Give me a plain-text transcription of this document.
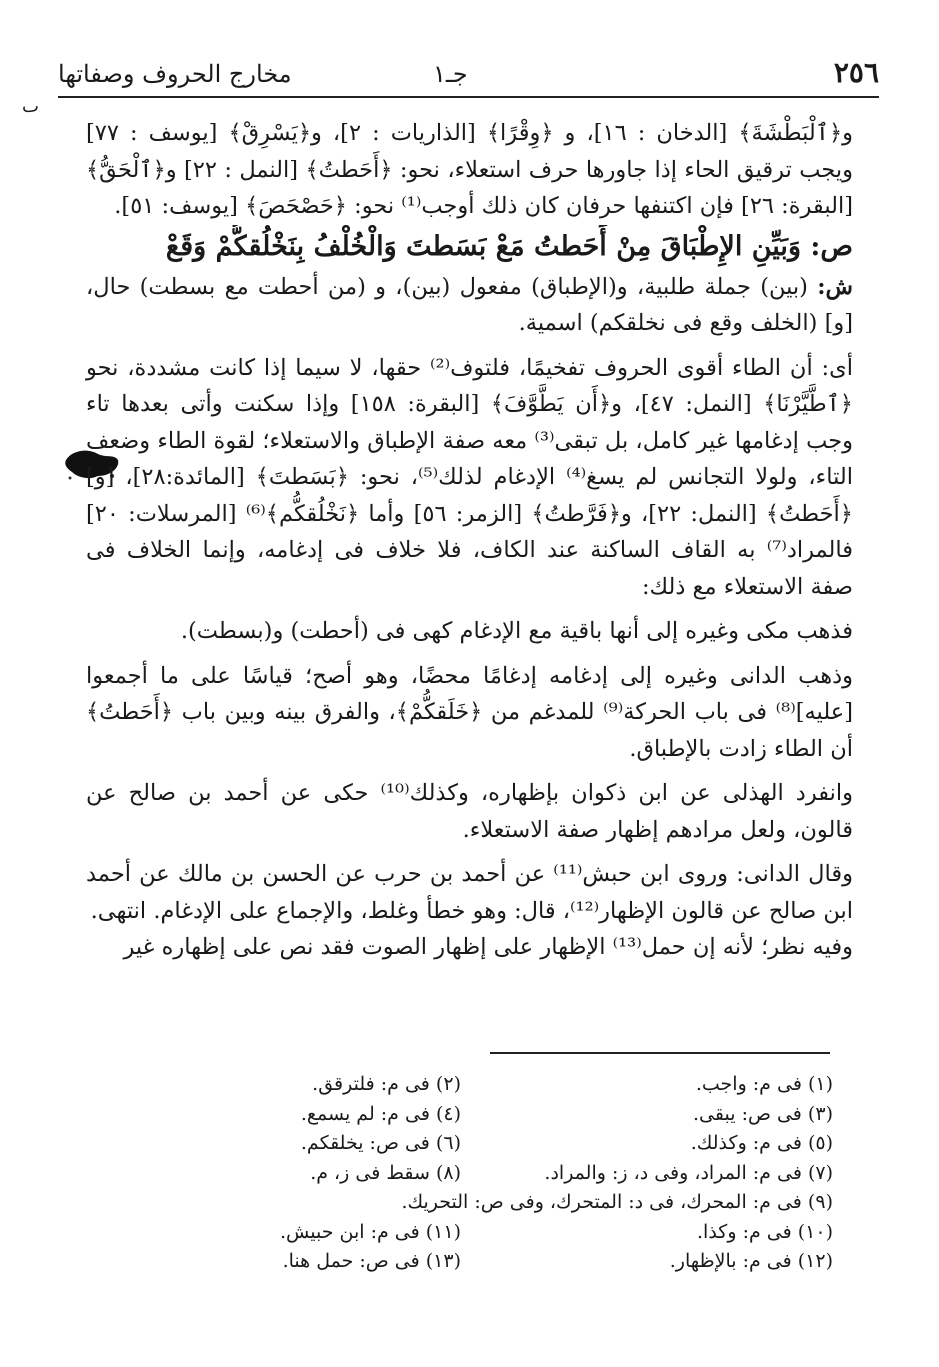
٢٥٦
جـ١
مخارج الحروف وصفاتها
ٮ

و﴿ٱلْبَطْشَةَ﴾ [الدخان : ١٦]، و ﴿وِقْرًا﴾ [الذاريات : ٢]، و﴿يَسْرِقْ﴾ [يوسف : ٧٧] ويجب ترقيق الحاء إذا جاورها حرف استعلاء، نحو: ﴿أَحَطتُ﴾ [النمل : ٢٢] و﴿ٱلْحَقُّ﴾ [البقرة: ٢٦] فإن اكتنفها حرفان كان ذلك أوجب⁽¹⁾ نحو: ﴿حَصْحَصَ﴾ [يوسف: ٥١].

ص: وَبَيِّنِ الإِطْبَاقَ مِنْ أَحَطتُ مَعْ بَسَطتَ وَالْخُلْفُ بِنَخْلُقكُّمْ وَقَعْ

ش: (بين) جملة طلبية، و(الإطباق) مفعول (بين)، و (من أحطت مع بسطت) حال، [و] (الخلف وقع فى نخلقكم) اسمية.

أى: أن الطاء أقوى الحروف تفخيمًا، فلتوف⁽²⁾ حقها، لا سيما إذا كانت مشددة، نحو ﴿ٱطَّيَّرْنَا﴾ [النمل: ٤٧]، و﴿أَن يَطَّوَّفَ﴾ [البقرة: ١٥٨] وإذا سكنت وأتى بعدها تاء وجب إدغامها غير كامل، بل تبقى⁽³⁾ معه صفة الإطباق والاستعلاء؛ لقوة الطاء وضعف التاء، ولولا التجانس لم يسغ⁽⁴⁾ الإدغام لذلك⁽⁵⁾، نحو: ﴿بَسَطتَ﴾ [المائدة:٢٨]، [و] ﴿أَحَطتُ﴾ [النمل: ٢٢]، و﴿فَرَّطتُ﴾ [الزمر: ٥٦] وأما ﴿نَخْلُقكُّم﴾⁽⁶⁾ [المرسلات: ٢٠] فالمراد⁽⁷⁾ به القاف الساكنة عند الكاف، فلا خلاف فى إدغامه، وإنما الخلاف فى صفة الاستعلاء مع ذلك:

فذهب مكى وغيره إلى أنها باقية مع الإدغام كهى فى (أحطت) و(بسطت).

وذهب الدانى وغيره إلى إدغامه إدغامًا محضًا، وهو أصح؛ قياسًا على ما أجمعوا [عليه]⁽⁸⁾ فى باب الحركة⁽⁹⁾ للمدغم من ﴿خَلَقكُّمْ﴾، والفرق بينه وبين باب ﴿أَحَطتُ﴾ أن الطاء زادت بالإطباق.

وانفرد الهذلى عن ابن ذكوان بإظهاره، وكذلك⁽¹⁰⁾ حكى عن أحمد بن صالح عن قالون، ولعل مرادهم إظهار صفة الاستعلاء.

وقال الدانى: وروى ابن حبش⁽¹¹⁾ عن أحمد بن حرب عن الحسن بن مالك عن أحمد ابن صالح عن قالون الإظهار⁽¹²⁾، قال: وهو خطأ وغلط، والإجماع على الإدغام. انتهى.

وفيه نظر؛ لأنه إن حمل⁽¹³⁾ الإظهار على إظهار الصوت فقد نص على إظهاره غير

(١) فى م: واجب.
(٢) فى م: فلترقق.
(٣) فى ص: يبقى.
(٤) فى م: لم يسمع.
(٥) فى م: وكذلك.
(٦) فى ص: يخلقكم.
(٧) فى م: المراد، وفى د، ز: والمراد.
(٨) سقط فى ز، م.
(٩) فى م: المحرك، فى د: المتحرك، وفى ص: التحريك.
(١٠) فى م: وكذا.
(١١) فى م: ابن حبيش.
(١٢) فى م: بالإظهار.
(١٣) فى ص: حمل هنا.
